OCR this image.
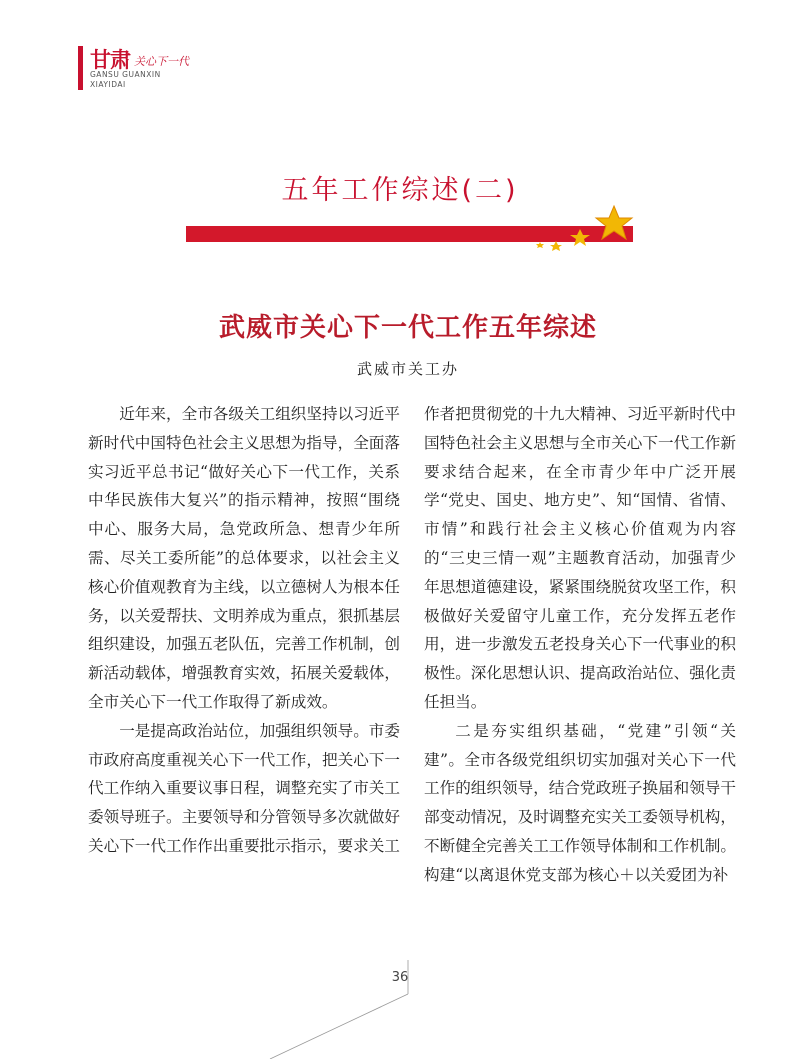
甘肃 关心下一代
GANSU GUANXIN
XIAYIDAI
五年工作综述(二)
武威市关心下一代工作五年综述
武威市关工办

近年来，全市各级关工组织坚持以习近平新时代中国特色社会主义思想为指导，全面落实习近平总书记“做好关心下一代工作，关系中华民族伟大复兴”的指示精神，按照“围绕中心、服务大局，急党政所急、想青少年所需、尽关工委所能”的总体要求，以社会主义核心价值观教育为主线，以立德树人为根本任务，以关爱帮扶、文明养成为重点，狠抓基层组织建设，加强五老队伍，完善工作机制，创新活动载体，增强教育实效，拓展关爱载体，全市关心下一代工作取得了新成效。

一是提高政治站位，加强组织领导。市委市政府高度重视关心下一代工作，把关心下一代工作纳入重要议事日程，调整充实了市关工委领导班子。主要领导和分管领导多次就做好关心下一代工作作出重要批示指示，要求关工

作者把贯彻党的十九大精神、习近平新时代中国特色社会主义思想与全市关心下一代工作新要求结合起来，在全市青少年中广泛开展学“党史、国史、地方史”、知“国情、省情、市情”和践行社会主义核心价值观为内容的“三史三情一观”主题教育活动，加强青少年思想道德建设，紧紧围绕脱贫攻坚工作，积极做好关爱留守儿童工作，充分发挥五老作用，进一步激发五老投身关心下一代事业的积极性。深化思想认识、提高政治站位、强化责任担当。

二是夯实组织基础，“党建”引领“关建”。全市各级党组织切实加强对关心下一代工作的组织领导，结合党政班子换届和领导干部变动情况，及时调整充实关工委领导机构，不断健全完善关工工作领导体制和工作机制。构建“以离退休党支部为核心＋以关爱团为补

36
